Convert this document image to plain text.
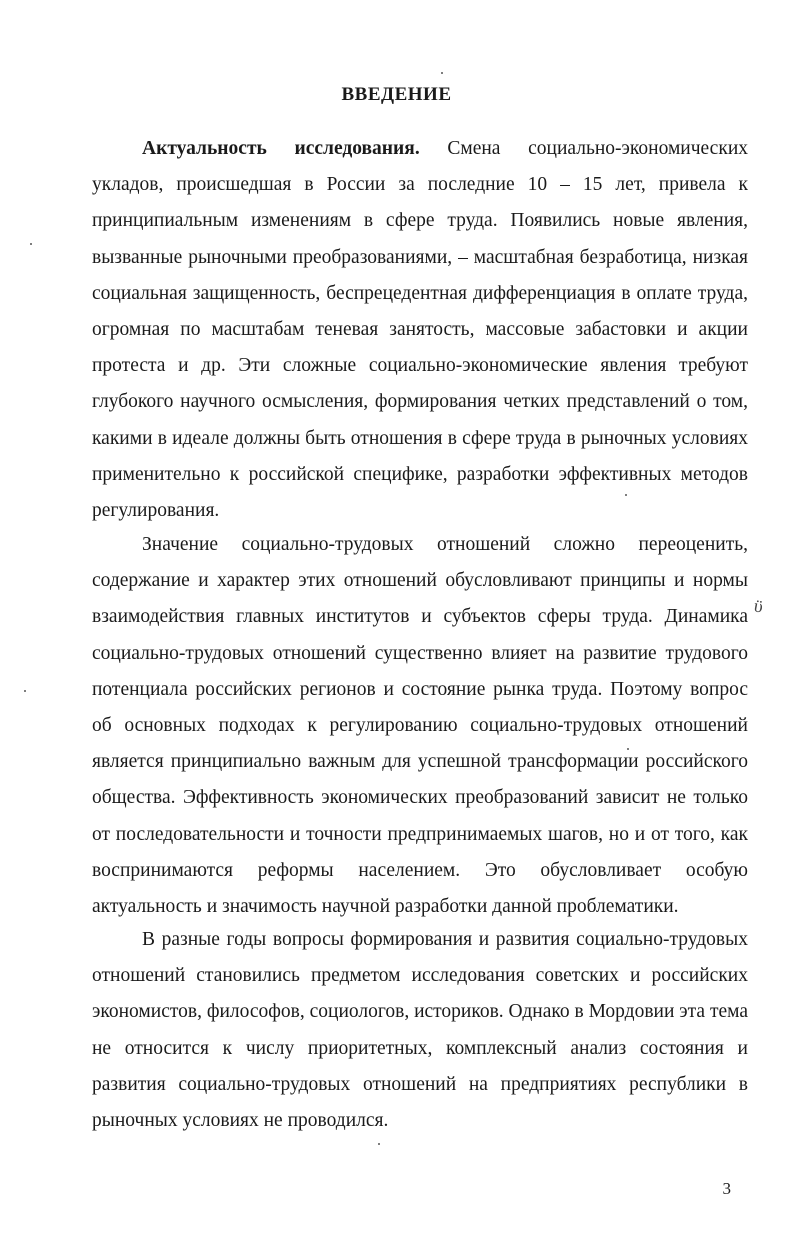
ВВЕДЕНИЕ

Актуальность исследования. Смена социально-экономических укладов, происшедшая в России за последние 10 – 15 лет, привела к принципиальным изменениям в сфере труда. Появились новые явления, вызванные рыночными преобразованиями, – масштабная безработица, низкая социальная защищенность, беспрецедентная дифференциация в оплате труда, огромная по масштабам теневая занятость, массовые забастовки и акции протеста и др. Эти сложные социально-экономические явления требуют глубокого научного осмысления, формирования четких представлений о том, какими в идеале должны быть отношения в сфере труда в рыночных условиях применительно к российской специфике, разработки эффективных методов регулирования.

Значение социально-трудовых отношений сложно переоценить, содержание и характер этих отношений обусловливают принципы и нормы взаимодействия главных институтов и субъектов сферы труда. Динамика социально-трудовых отношений существенно влияет на развитие трудового потенциала российских регионов и состояние рынка труда. Поэтому вопрос об основных подходах к регулированию социально-трудовых отношений является принципиально важным для успешной трансформации российского общества. Эффективность экономических преобразований зависит не только от последовательности и точности предпринимаемых шагов, но и от того, как воспринимаются реформы населением. Это обусловливает особую актуальность и значимость научной разработки данной проблематики.

В разные годы вопросы формирования и развития социально-трудовых отношений становились предметом исследования советских и российских экономистов, философов, социологов, историков. Однако в Мордовии эта тема не относится к числу приоритетных, комплексный анализ состояния и развития социально-трудовых отношений на предприятиях республики в рыночных условиях не проводился.

3
ϋ
